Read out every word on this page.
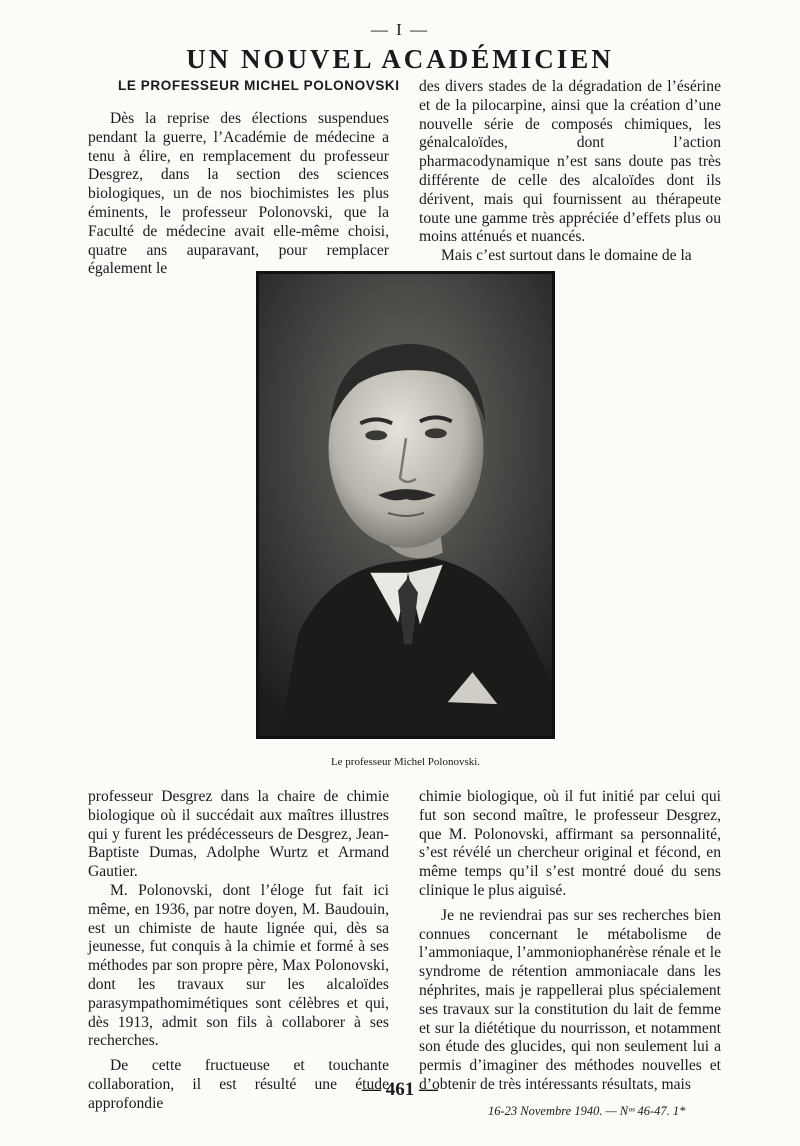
— I —
UN NOUVEL ACADÉMICIEN
LE PROFESSEUR MICHEL POLONOVSKI

Dès la reprise des élections suspendues pendant la guerre, l’Académie de médecine a tenu à élire, en remplacement du professeur Desgrez, dans la section des sciences biologiques, un de nos biochimistes les plus éminents, le professeur Polonovski, que la Faculté de médecine avait elle-même choisi, quatre ans auparavant, pour remplacer également le

des divers stades de la dégradation de l’ésérine et de la pilocarpine, ainsi que la création d’une nouvelle série de composés chimiques, les génalcaloïdes, dont l’action pharmacodynamique n’est sans doute pas très différente de celle des alcaloïdes dont ils dérivent, mais qui fournissent au thérapeute toute une gamme très appréciée d’effets plus ou moins atténués et nuancés.

Mais c’est surtout dans le domaine de la

Le professeur Michel Polonovski.

professeur Desgrez dans la chaire de chimie biologique où il succédait aux maîtres illustres qui y furent les prédécesseurs de Desgrez, Jean-Baptiste Dumas, Adolphe Wurtz et Armand Gautier.

M. Polonovski, dont l’éloge fut fait ici même, en 1936, par notre doyen, M. Baudouin, est un chimiste de haute lignée qui, dès sa jeunesse, fut conquis à la chimie et formé à ses méthodes par son propre père, Max Polonovski, dont les travaux sur les alcaloïdes parasympathomimétiques sont célèbres et qui, dès 1913, admit son fils à collaborer à ses recherches.

De cette fructueuse et touchante collaboration, il est résulté une étude approfondie

chimie biologique, où il fut initié par celui qui fut son second maître, le professeur Desgrez, que M. Polonovski, affirmant sa personnalité, s’est révélé un chercheur original et fécond, en même temps qu’il s’est montré doué du sens clinique le plus aiguisé.

Je ne reviendrai pas sur ses recherches bien connues concernant le métabolisme de l’ammoniaque, l’ammoniophanérèse rénale et le syndrome de rétention ammoniacale dans les néphrites, mais je rappellerai plus spécialement ses travaux sur la constitution du lait de femme et sur la diététique du nourrisson, et notamment son étude des glucides, qui non seulement lui a permis d’imaginer des méthodes nouvelles et d’obtenir de très intéressants résultats, mais

— 461 —
16-23 Novembre 1940. — Nᵒˢ 46-47. 1*
